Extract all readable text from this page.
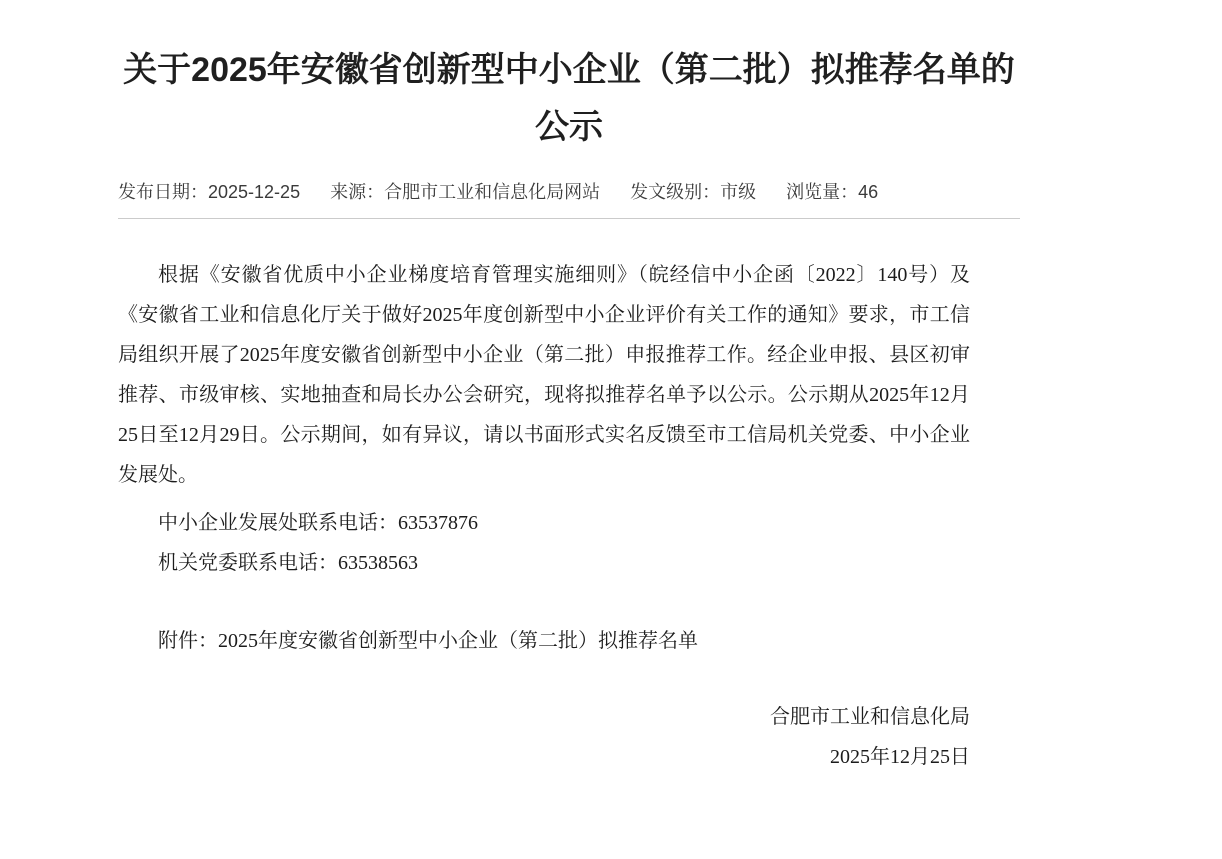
关于2025年安徽省创新型中小企业（第二批）拟推荐名单的公示
发布日期： 2025-12-25 来源： 合肥市工业和信息化局网站 发文级别： 市级 浏览量： 46

根据《安徽省优质中小企业梯度培育管理实施细则》（皖经信中小企函〔2022〕140号）及《安徽省工业和信息化厅关于做好2025年度创新型中小企业评价有关工作的通知》要求，市工信局组织开展了2025年度安徽省创新型中小企业（第二批）申报推荐工作。经企业申报、县区初审推荐、市级审核、实地抽查和局长办公会研究，现将拟推荐名单予以公示。公示期从2025年12月25日至12月29日。公示期间，如有异议，请以书面形式实名反馈至市工信局机关党委、中小企业发展处。

中小企业发展处联系电话：63537876

机关党委联系电话：63538563

附件：2025年度安徽省创新型中小企业（第二批）拟推荐名单

合肥市工业和信息化局

2025年12月25日
